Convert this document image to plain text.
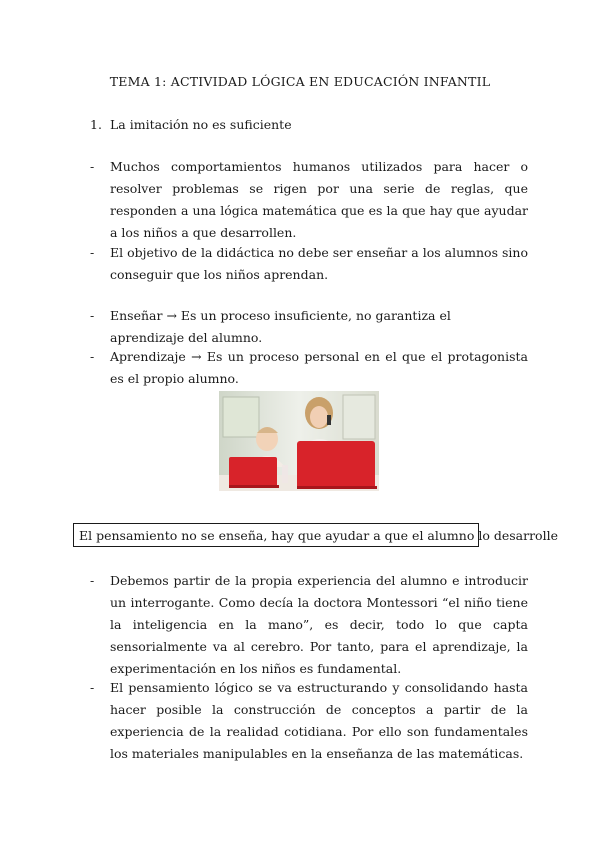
TEMA 1: ACTIVIDAD LÓGICA EN EDUCACIÓN INFANTIL
1. La imitación no es suficiente
-	Muchos comportamientos humanos utilizados para hacer o resolver problemas se rigen por una serie de reglas, que responden a una lógica matemática que es la que hay que ayudar a los niños a que desarrollen.
-	El objetivo de la didáctica no debe ser enseñar a los alumnos sino conseguir que los niños aprendan.
-	Enseñar → Es un proceso insuficiente, no garantiza el aprendizaje del alumno.
-	Aprendizaje → Es un proceso personal en el que el protagonista es el propio alumno.
El pensamiento no se enseña, hay que ayudar a que el alumno lo desarrolle
-	Debemos partir de la propia experiencia del alumno e introducir un interrogante. Como decía la doctora Montessori “el niño tiene la inteligencia en la mano”, es decir, todo lo que capta sensorialmente va al cerebro. Por tanto, para el aprendizaje, la experimentación en los niños es fundamental.
-	El pensamiento lógico se va estructurando y consolidando hasta hacer posible la construcción de conceptos a partir de la experiencia de la realidad cotidiana. Por ello son fundamentales los materiales manipulables en la enseñanza de las matemáticas.
